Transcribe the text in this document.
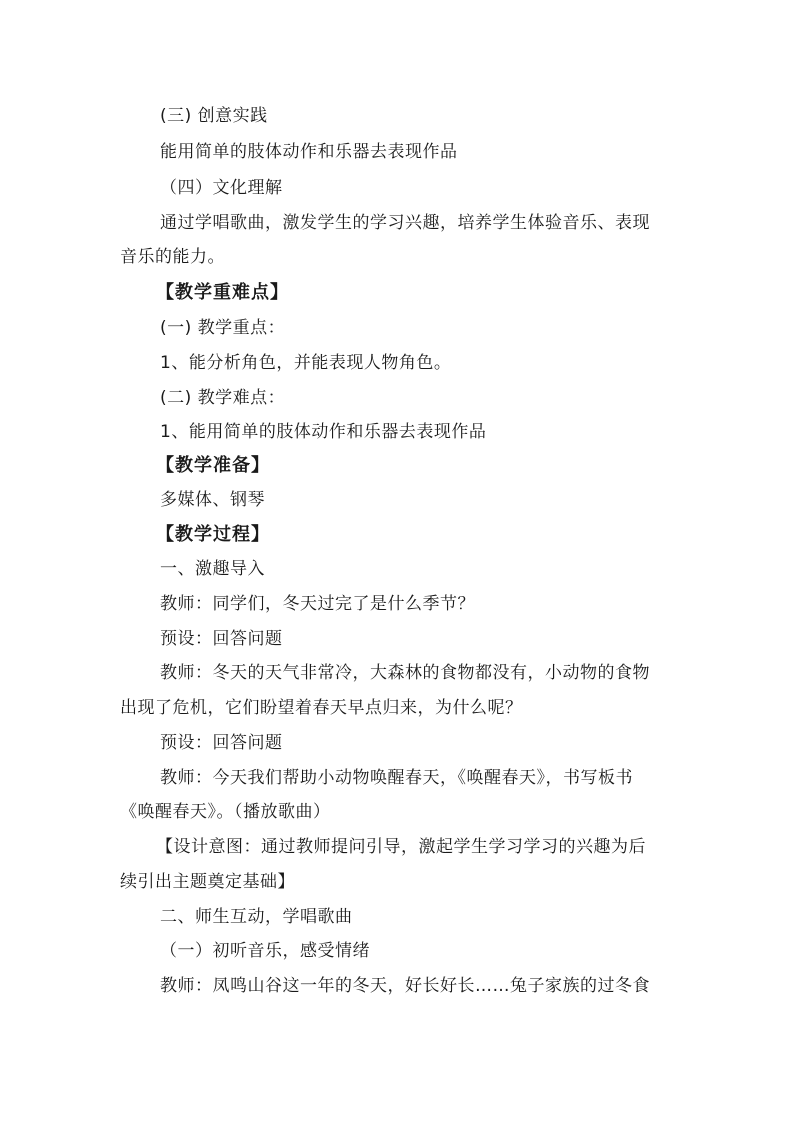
(三) 创意实践
能用简单的肢体动作和乐器去表现作品
（四）文化理解
通过学唱歌曲，激发学生的学习兴趣，培养学生体验音乐、表现
音乐的能力。
【教学重难点】
(一) 教学重点：
1、能分析角色，并能表现人物角色。
(二) 教学难点：
1、能用简单的肢体动作和乐器去表现作品
【教学准备】
多媒体、钢琴
【教学过程】
一、激趣导入
教师：同学们，冬天过完了是什么季节？
预设：回答问题
教师：冬天的天气非常冷，大森林的食物都没有，小动物的食物
出现了危机，它们盼望着春天早点归来，为什么呢？
预设：回答问题
教师：今天我们帮助小动物唤醒春天，《唤醒春天》，书写板书
《唤醒春天》。（播放歌曲）
【设计意图：通过教师提问引导，激起学生学习学习的兴趣为后
续引出主题奠定基础】
二、师生互动，学唱歌曲
（一）初听音乐，感受情绪
教师：凤鸣山谷这一年的冬天，好长好长……兔子家族的过冬食
